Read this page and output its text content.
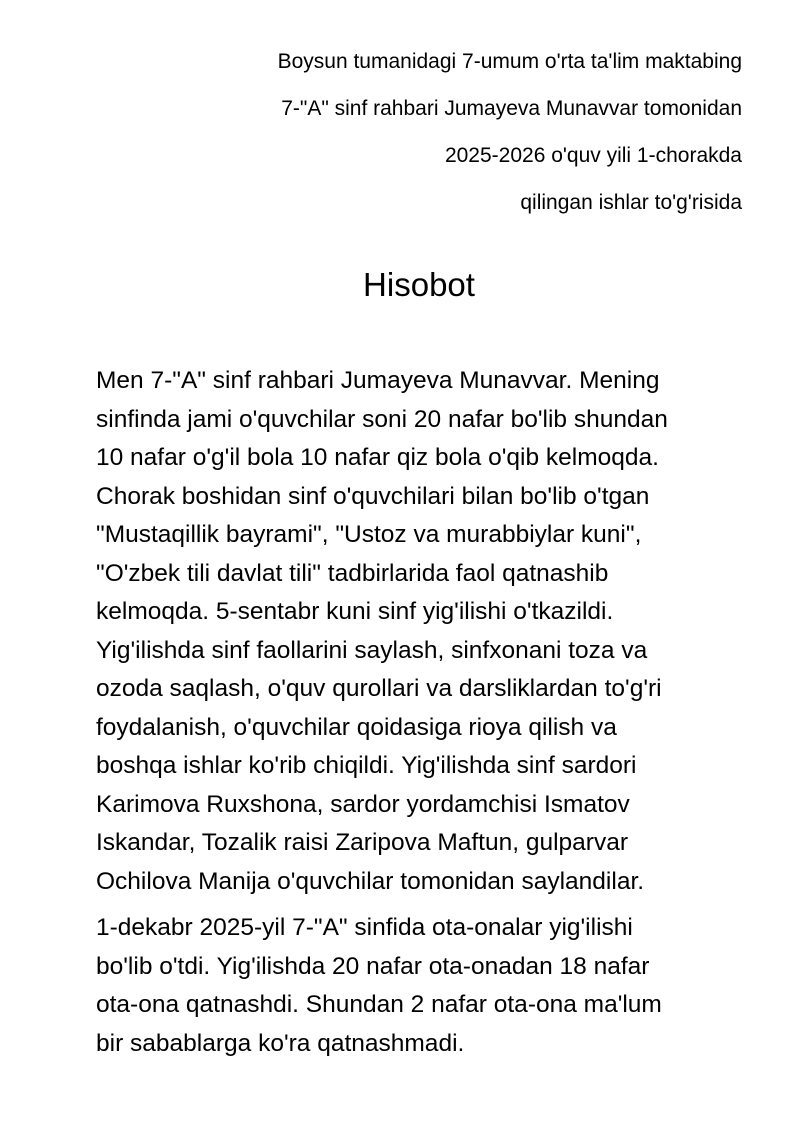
Boysun tumanidagi 7-umum o'rta ta'lim maktabing
7-"A" sinf rahbari Jumayeva Munavvar tomonidan
2025-2026 o'quv yili 1-chorakda
qilingan ishlar to'g'risida
Hisobot

Men 7-"A" sinf rahbari Jumayeva Munavvar. Mening
sinfinda jami o'quvchilar soni 20 nafar bo'lib shundan
10 nafar o'g'il bola 10 nafar qiz bola o'qib kelmoqda.
Chorak boshidan sinf o'quvchilari bilan bo'lib o'tgan
"Mustaqillik bayrami", "Ustoz va murabbiylar kuni",
"O'zbek tili davlat tili" tadbirlarida faol qatnashib
kelmoqda. 5-sentabr kuni sinf yig'ilishi o'tkazildi.
Yig'ilishda sinf faollarini saylash, sinfxonani toza va
ozoda saqlash, o'quv qurollari va darsliklardan to'g'ri
foydalanish, o'quvchilar qoidasiga rioya qilish va
boshqa ishlar ko'rib chiqildi. Yig'ilishda sinf sardori
Karimova Ruxshona, sardor yordamchisi Ismatov
Iskandar, Tozalik raisi Zaripova Maftun, gulparvar
Ochilova Manija o'quvchilar tomonidan saylandilar.

1-dekabr 2025-yil 7-"A" sinfida ota-onalar yig'ilishi
bo'lib o'tdi. Yig'ilishda 20 nafar ota-onadan 18 nafar
ota-ona qatnashdi. Shundan 2 nafar ota-ona ma'lum
bir sabablarga ko'ra qatnashmadi.
